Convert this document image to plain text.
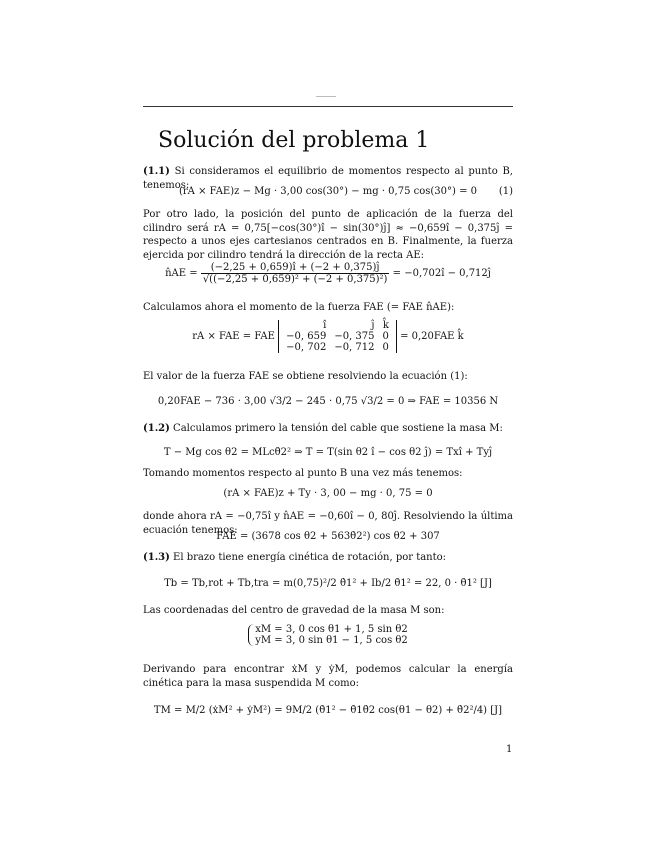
Solución del problema 1

(1.1) Si consideramos el equilibrio de momentos respecto al punto B, tenemos:

(rA × FAE)z − Mg · 3,00 cos(30°) − mg · 0,75 cos(30°) = 0 (1)

Por otro lado, la posición del punto de aplicación de la fuerza del cilindro será rA = 0,75[−cos(30°)î − sin(30°)ĵ] ≈ −0,659î − 0,375ĵ = respecto a unos ejes cartesianos centrados en B. Finalmente, la fuerza ejercida por cilindro tendrá la dirección de la recta AE:

n̂AE = $\frac{(-2,25 + 0,659)î + (-2 + 0,375)ĵ}{\text{√((−2,25 + 0,659)² + (−2 + 0,375)²)}}$ = −0,702î − 0,712ĵ

Calculamos ahora el momento de la fuerza FAE (= FAE n̂AE):

rA × FAE = FAE
î	ĵ	k̂
−0, 659	−0, 375	0
−0, 702	−0, 712	0
= 0,20FAE k̂

El valor de la fuerza FAE se obtiene resolviendo la ecuación (1):

0,20FAE − 736 · 3,00 √3/2 − 245 · 0,75 √3/2 = 0 ⇒ FAE = 10356 N

(1.2) Calculamos primero la tensión del cable que sostiene la masa M:

T − Mg cos θ2 = MLcθ̇2² ⇒ T = T(sin θ2 î − cos θ2 ĵ) = Txî + Tyĵ

Tomando momentos respecto al punto B una vez más tenemos:

(rA × FAE)z + Ty · 3, 00 − mg · 0, 75 = 0

donde ahora rA = −0,75î y n̂AE = −0,60î − 0, 80ĵ. Resolviendo la última ecuación tenemos:

FAE = (3678 cos θ2 + 563θ̇2²) cos θ2 + 307

(1.3) El brazo tiene energía cinética de rotación, por tanto:

Tb = Tb,rot + Tb,tra = m(0,75)²/2 θ̇1² + Ib/2 θ̇1² = 22, 0 · θ̇1² [J]

Las coordenadas del centro de gravedad de la masa M son:

xM = 3, 0 cos θ1 + 1, 5 sin θ2
yM = 3, 0 sin θ1 − 1, 5 cos θ2

Derivando para encontrar ẋM y ẏM, podemos calcular la energía cinética para la masa suspendida M como:

TM = M/2 (ẋM² + ẏM²) = 9M/2 (θ̇1² − θ̇1θ̇2 cos(θ1 − θ2) + θ̇2²/4) [J]
1
